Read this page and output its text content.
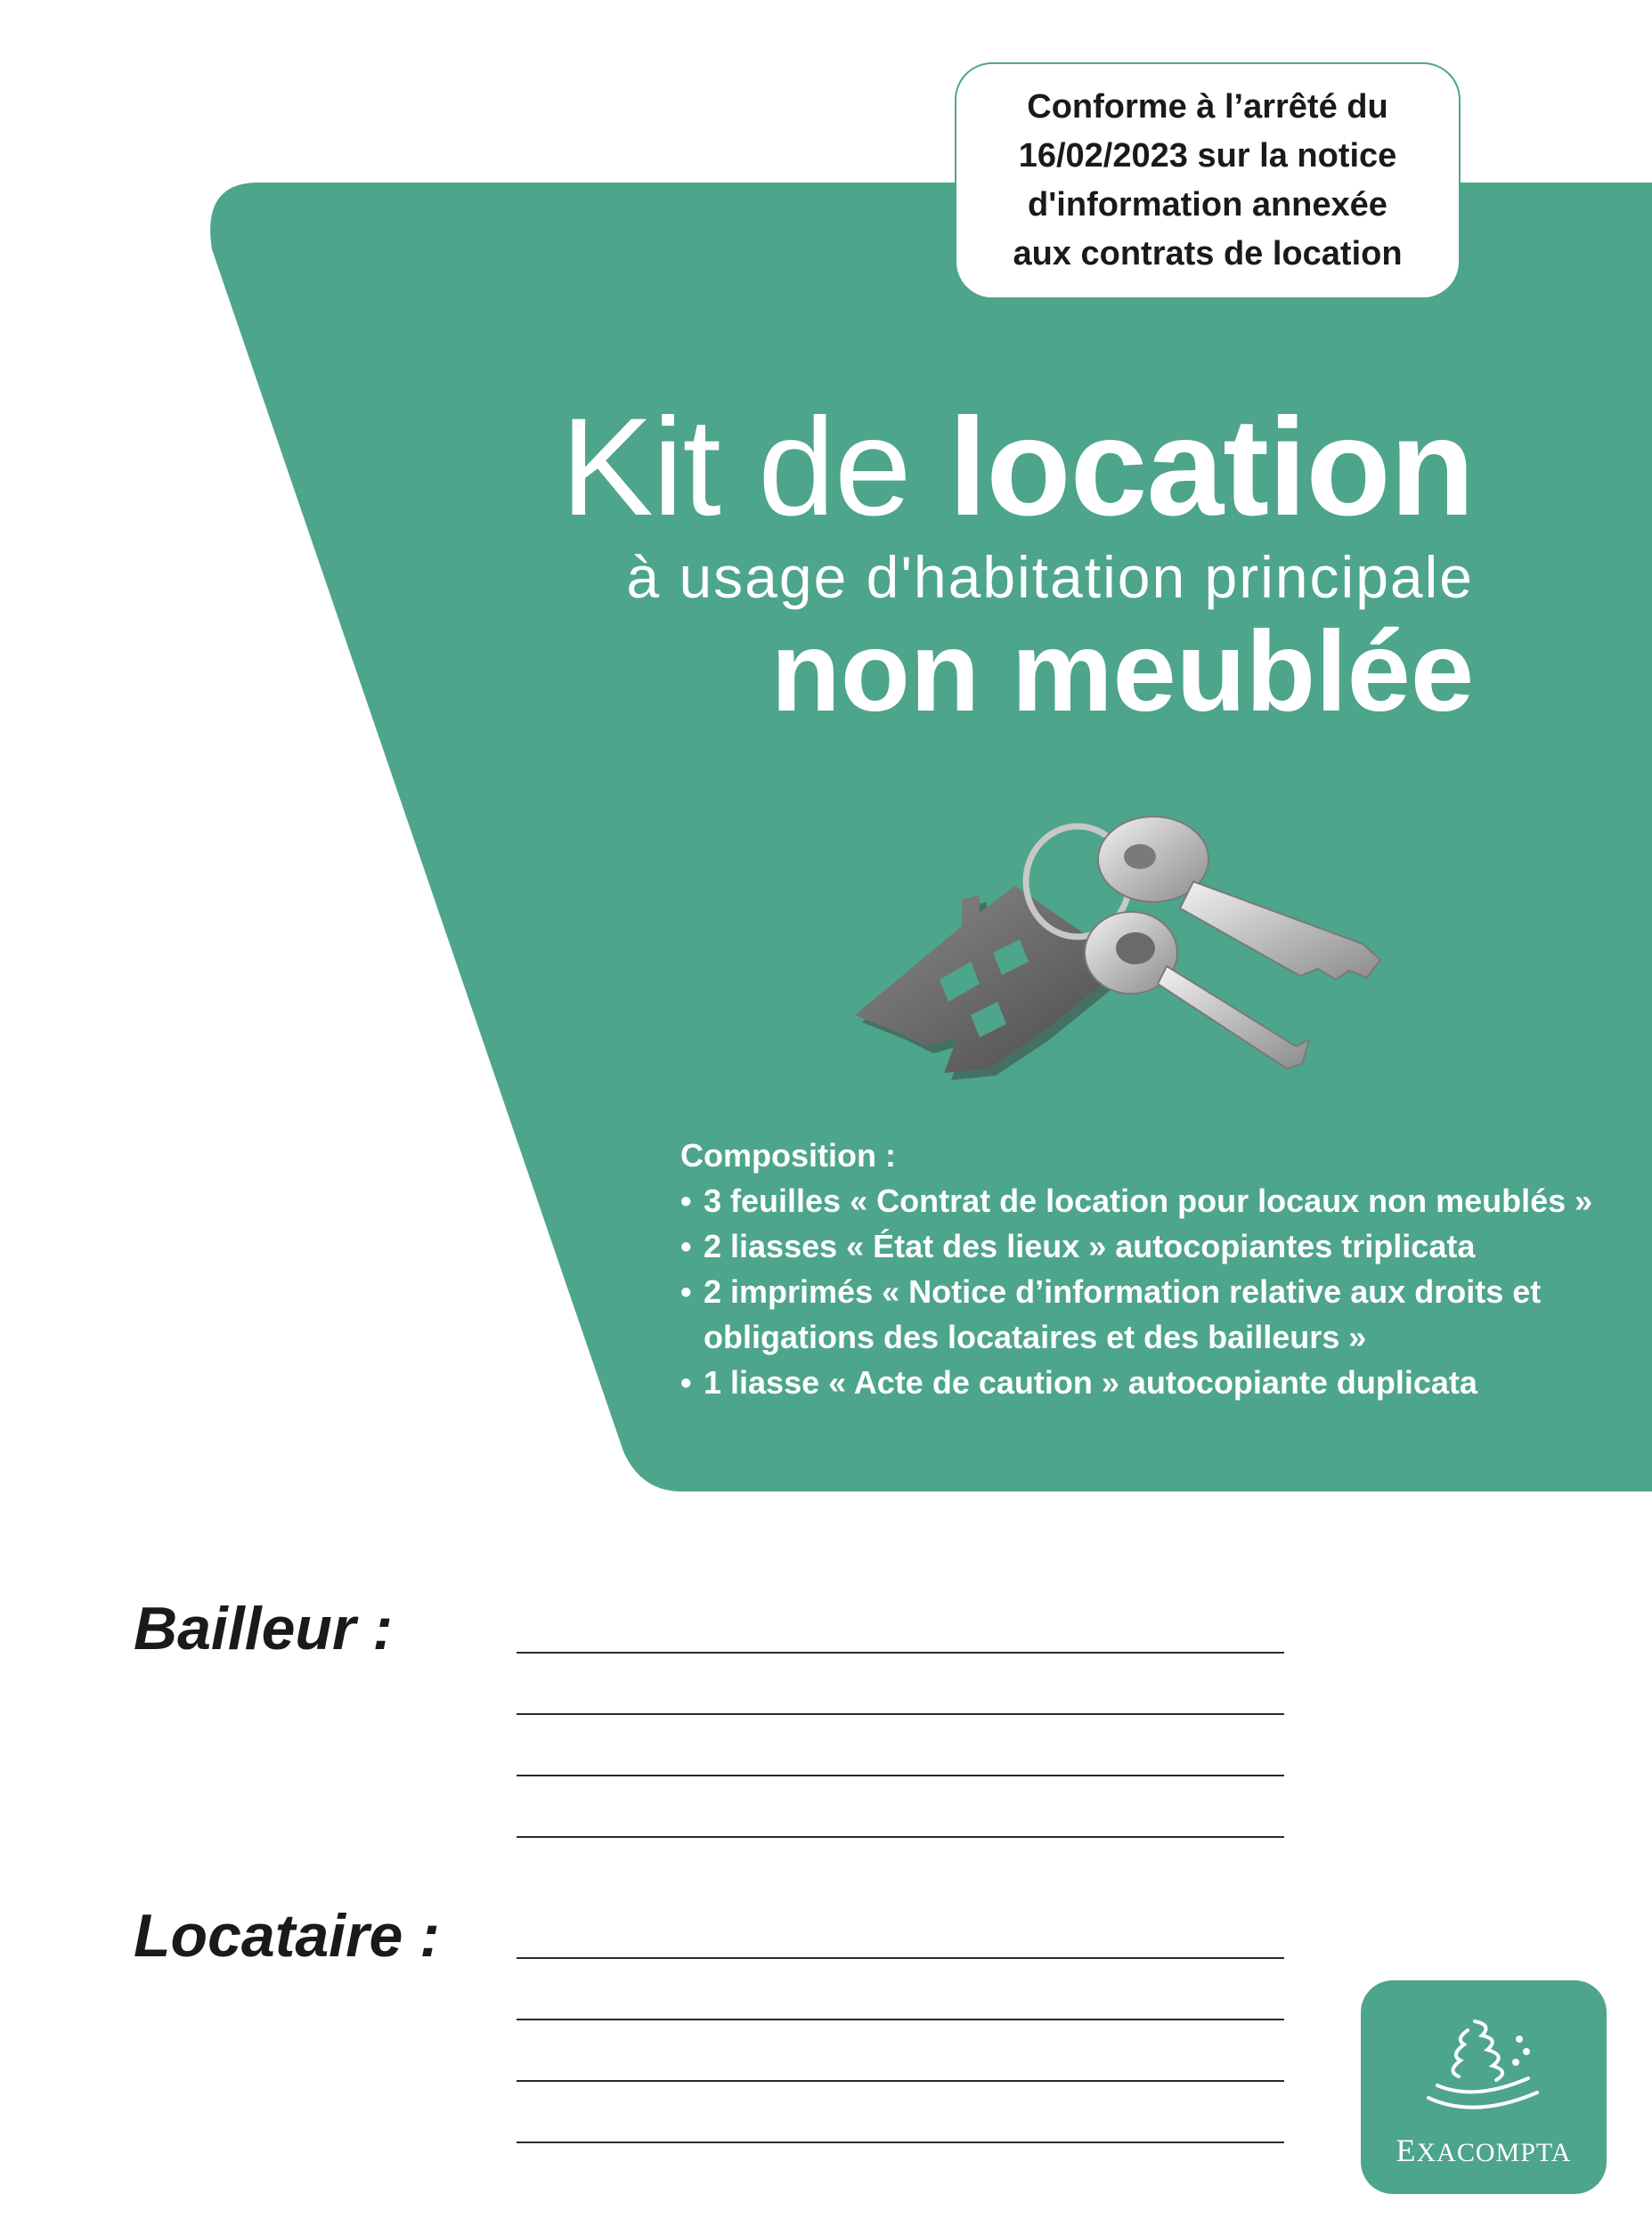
Conforme à l’arrêté du
16/02/2023 sur la notice
d'information annexée
aux contrats de location
Kit de location
à usage d'habitation principale
non meublée
Composition :
• 3 feuilles « Contrat de location pour locaux non meublés »
• 2 liasses « État des lieux » autocopiantes triplicata
• 2 imprimés « Notice d’information relative aux droits et
obligations des locataires et des bailleurs »
• 1 liasse « Acte de caution » autocopiante duplicata
Bailleur :
Locataire :
EXACOMPTA
